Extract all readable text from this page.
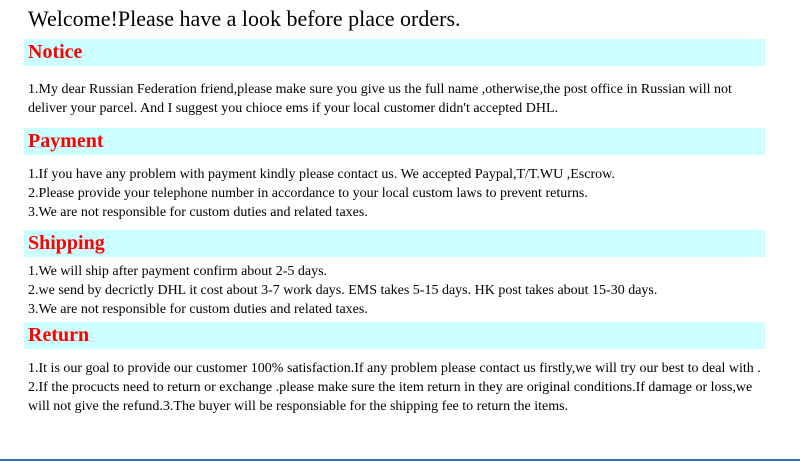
Welcome!Please have a look before place orders.
Notice

1.My dear Russian Federation friend,please make sure you give us the full name ,otherwise,the post office in Russian will not deliver your parcel. And I suggest you chioce ems if your local customer didn't accepted DHL.

Payment

1.If you have any problem with payment kindly please contact us. We accepted Paypal,T/T.WU ,Escrow.

2.Please provide your telephone number in accordance to your local custom laws to prevent returns.

3.We are not responsible for custom duties and related taxes.

Shipping

1.We will ship after payment confirm about 2-5 days.

2.we send by decrictly DHL it cost about 3-7 work days. EMS takes 5-15 days. HK post takes about 15-30 days.

3.We are not responsible for custom duties and related taxes.

Return

1.It is our goal to provide our customer 100% satisfaction.If any problem please contact us firstly,we will try our best to deal with .

2.If the procucts need to return or exchange .please make sure the item return in they are original conditions.If damage or loss,we will not give the refund.3.The buyer will be responsiable for the shipping fee to return the items.
